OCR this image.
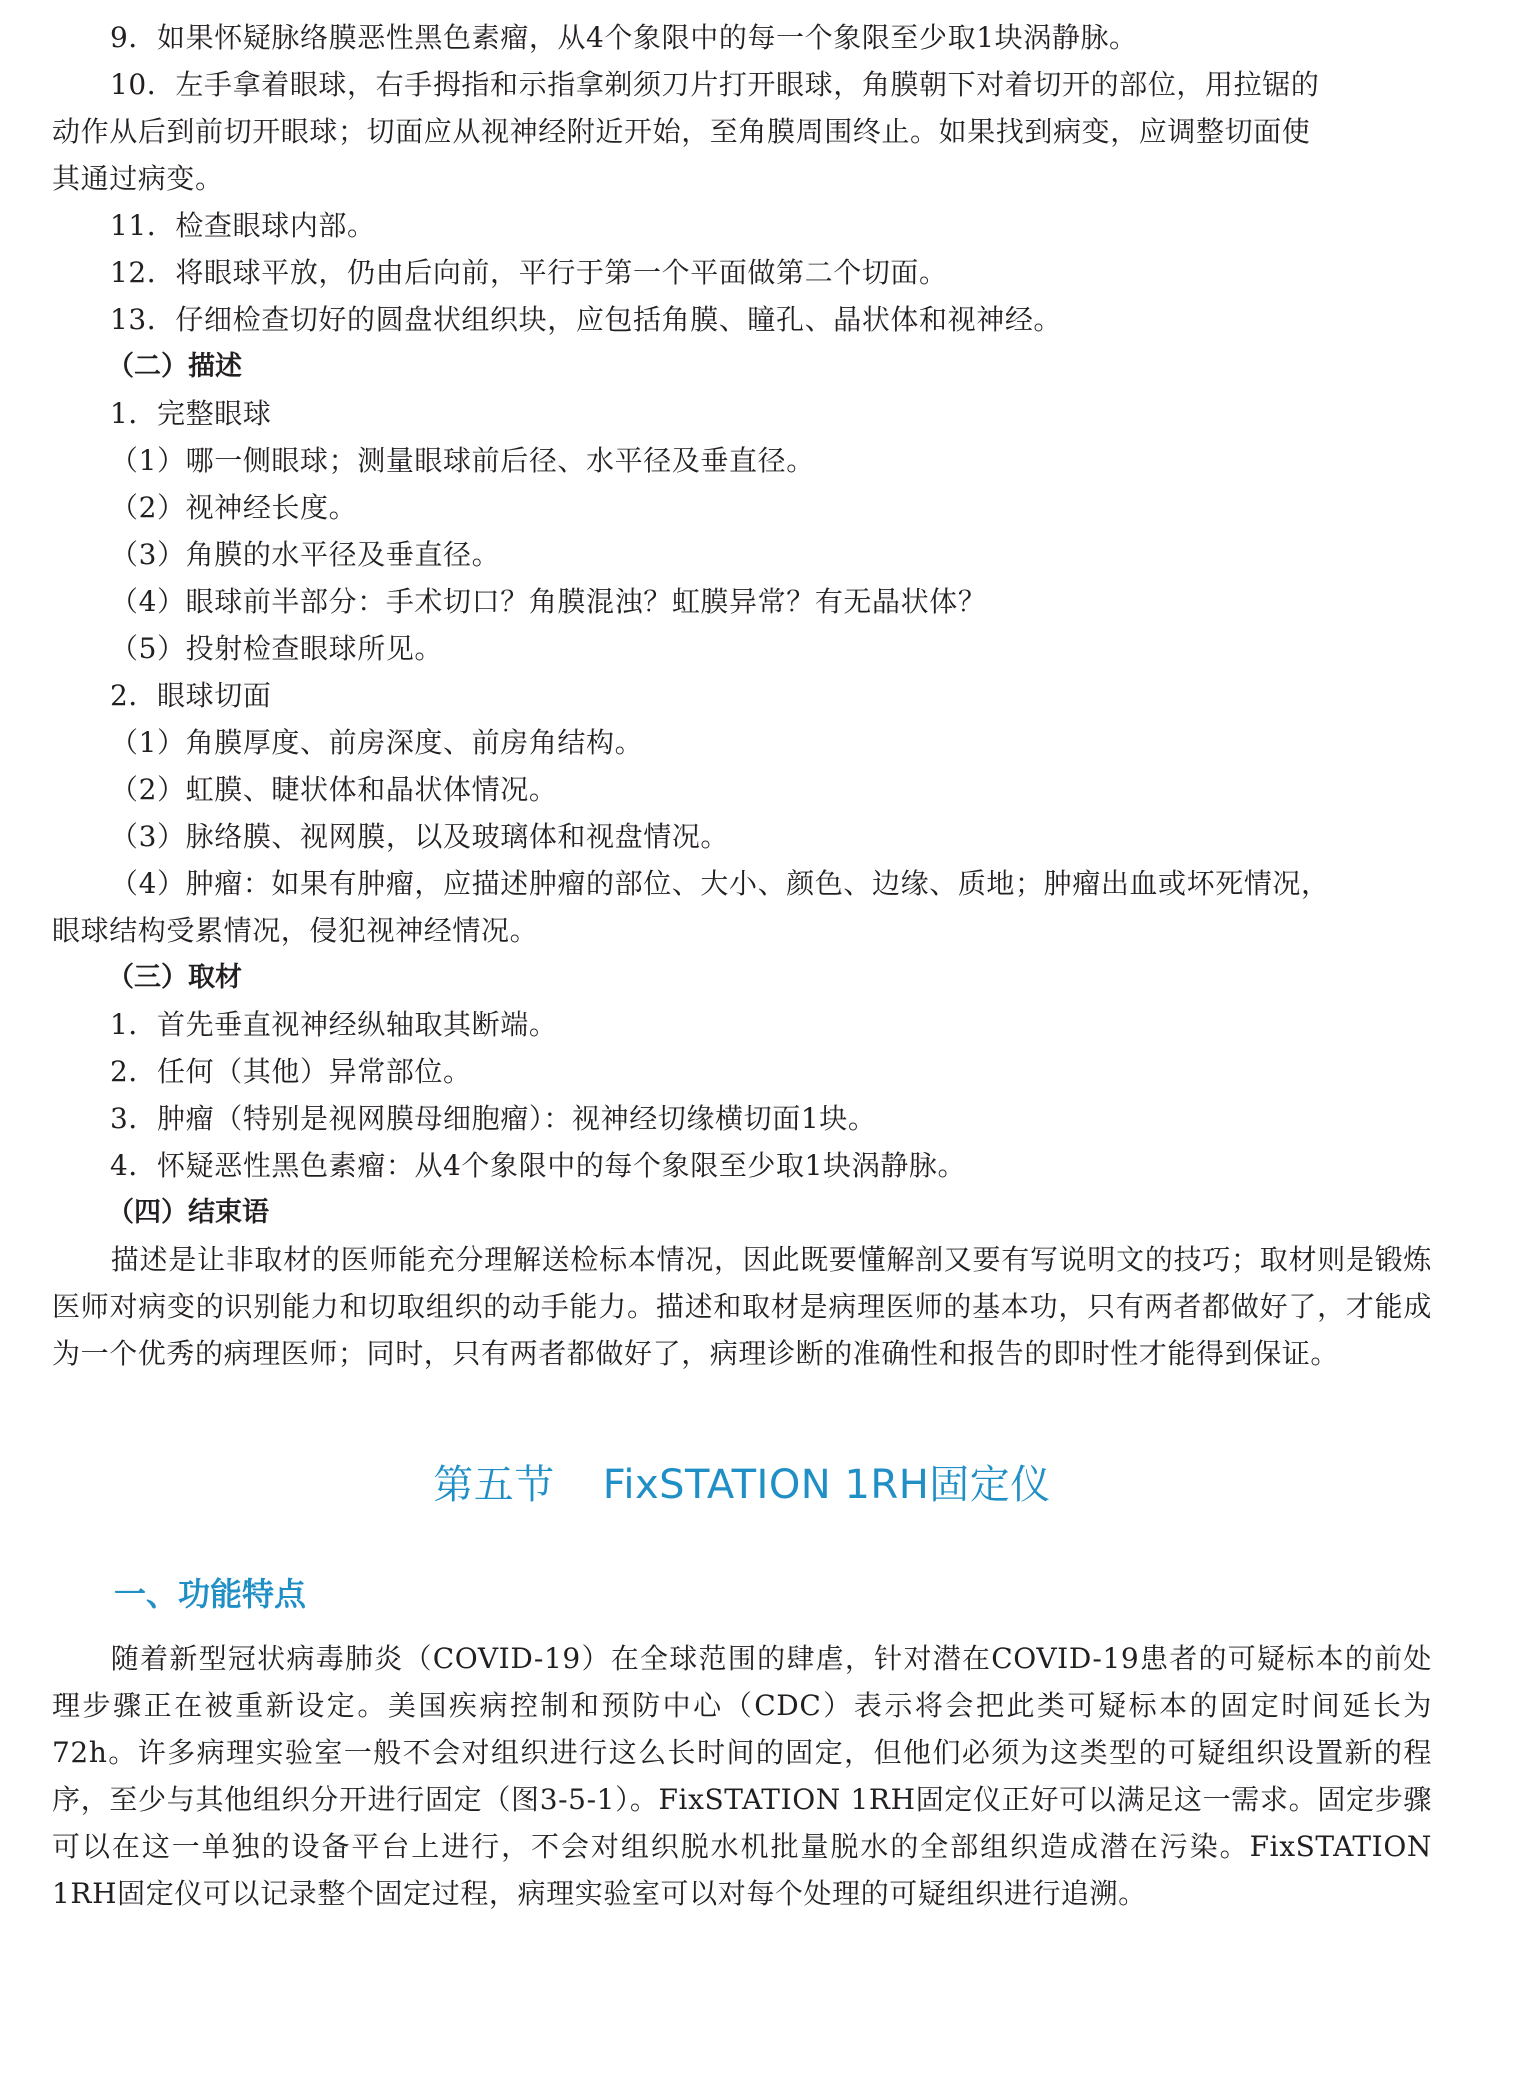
9．如果怀疑脉络膜恶性黑色素瘤，从4个象限中的每一个象限至少取1块涡静脉。
10．左手拿着眼球，右手拇指和示指拿剃须刀片打开眼球，角膜朝下对着切开的部位，用拉锯的
动作从后到前切开眼球；切面应从视神经附近开始，至角膜周围终止。如果找到病变，应调整切面使
其通过病变。
11．检查眼球内部。
12．将眼球平放，仍由后向前，平行于第一个平面做第二个切面。
13．仔细检查切好的圆盘状组织块，应包括角膜、瞳孔、晶状体和视神经。
（二）描述
1．完整眼球
（1）哪一侧眼球；测量眼球前后径、水平径及垂直径。
（2）视神经长度。
（3）角膜的水平径及垂直径。
（4）眼球前半部分：手术切口？角膜混浊？虹膜异常？有无晶状体？
（5）投射检查眼球所见。
2．眼球切面
（1）角膜厚度、前房深度、前房角结构。
（2）虹膜、睫状体和晶状体情况。
（3）脉络膜、视网膜，以及玻璃体和视盘情况。
（4）肿瘤：如果有肿瘤，应描述肿瘤的部位、大小、颜色、边缘、质地；肿瘤出血或坏死情况，
眼球结构受累情况，侵犯视神经情况。
（三）取材
1．首先垂直视神经纵轴取其断端。
2．任何（其他）异常部位。
3．肿瘤（特别是视网膜母细胞瘤）：视神经切缘横切面1块。
4．怀疑恶性黑色素瘤：从4个象限中的每个象限至少取1块涡静脉。
（四）结束语
描述是让非取材的医师能充分理解送检标本情况，因此既要懂解剖又要有写说明文的技巧；取材则是锻炼医师对病变的识别能力和切取组织的动手能力。描述和取材是病理医师的基本功，只有两者都做好了，才能成为一个优秀的病理医师；同时，只有两者都做好了，病理诊断的准确性和报告的即时性才能得到保证。
第五节 FixSTATION 1RH固定仪
一、功能特点
随着新型冠状病毒肺炎（COVID-19）在全球范围的肆虐，针对潜在COVID-19患者的可疑标本的前处理步骤正在被重新设定。美国疾病控制和预防中心（CDC）表示将会把此类可疑标本的固定时间延长为72h。许多病理实验室一般不会对组织进行这么长时间的固定，但他们必须为这类型的可疑组织设置新的程序，至少与其他组织分开进行固定（图3-5-1）。FixSTATION 1RH固定仪正好可以满足这一需求。固定步骤可以在这一单独的设备平台上进行，不会对组织脱水机批量脱水的全部组织造成潜在污染。FixSTATION 1RH固定仪可以记录整个固定过程，病理实验室可以对每个处理的可疑组织进行追溯。
